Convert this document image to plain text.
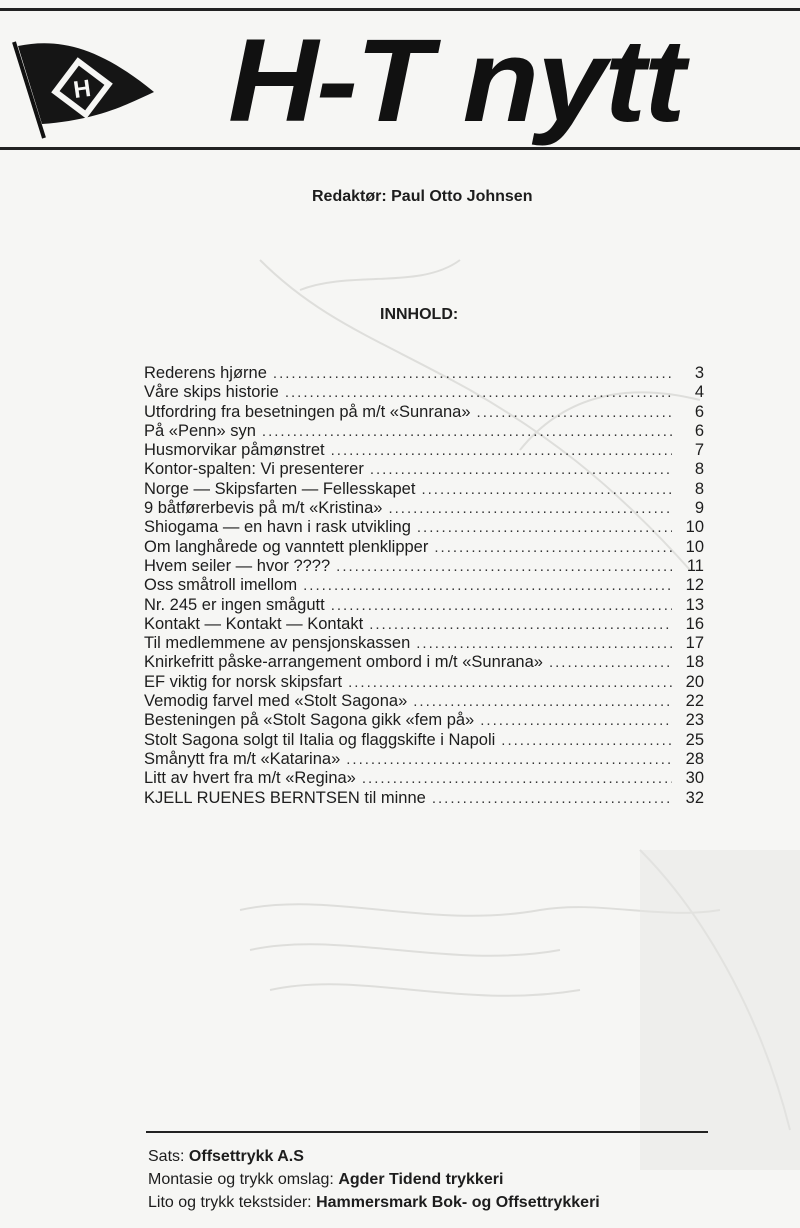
H H-T nytt
Redaktør: Paul Otto Johnsen
INNHOLD:
Rederens hjørne .....	3
Våre skips historie .....	4
Utfordring fra besetningen på m/t «Sunrana» .....	6
På «Penn» syn .....	6
Husmorvikar påmønstret .....	7
Kontor-spalten: Vi presenterer .....	8
Norge — Skipsfarten — Fellesskapet .....	8
9 båtførerbevis på m/t «Kristina» .....	9
Shiogama — en havn i rask utvikling .....	10
Om langhårede og vanntett plenklipper .....	10
Hvem seiler — hvor ???? .....	11
Oss småtroll imellom .....	12
Nr. 245 er ingen smågutt .....	13
Kontakt — Kontakt — Kontakt .....	16
Til medlemmene av pensjonskassen .....	17
Knirkefritt påske-arrangement ombord i m/t «Sunrana» .....	18
EF viktig for norsk skipsfart .....	20
Vemodig farvel med «Stolt Sagona» .....	22
Besteningen på «Stolt Sagona gikk «fem på» .....	23
Stolt Sagona solgt til Italia og flaggskifte i Napoli .....	25
Smånytt fra m/t «Katarina» .....	28
Litt av hvert fra m/t «Regina» .....	30
KJELL RUENES BERNTSEN til minne .....	32
Sats: Offsettrykk A.S
Montasie og trykk omslag: Agder Tidend trykkeri
Lito og trykk tekstsider: Hammersmark Bok- og Offsettrykkeri
